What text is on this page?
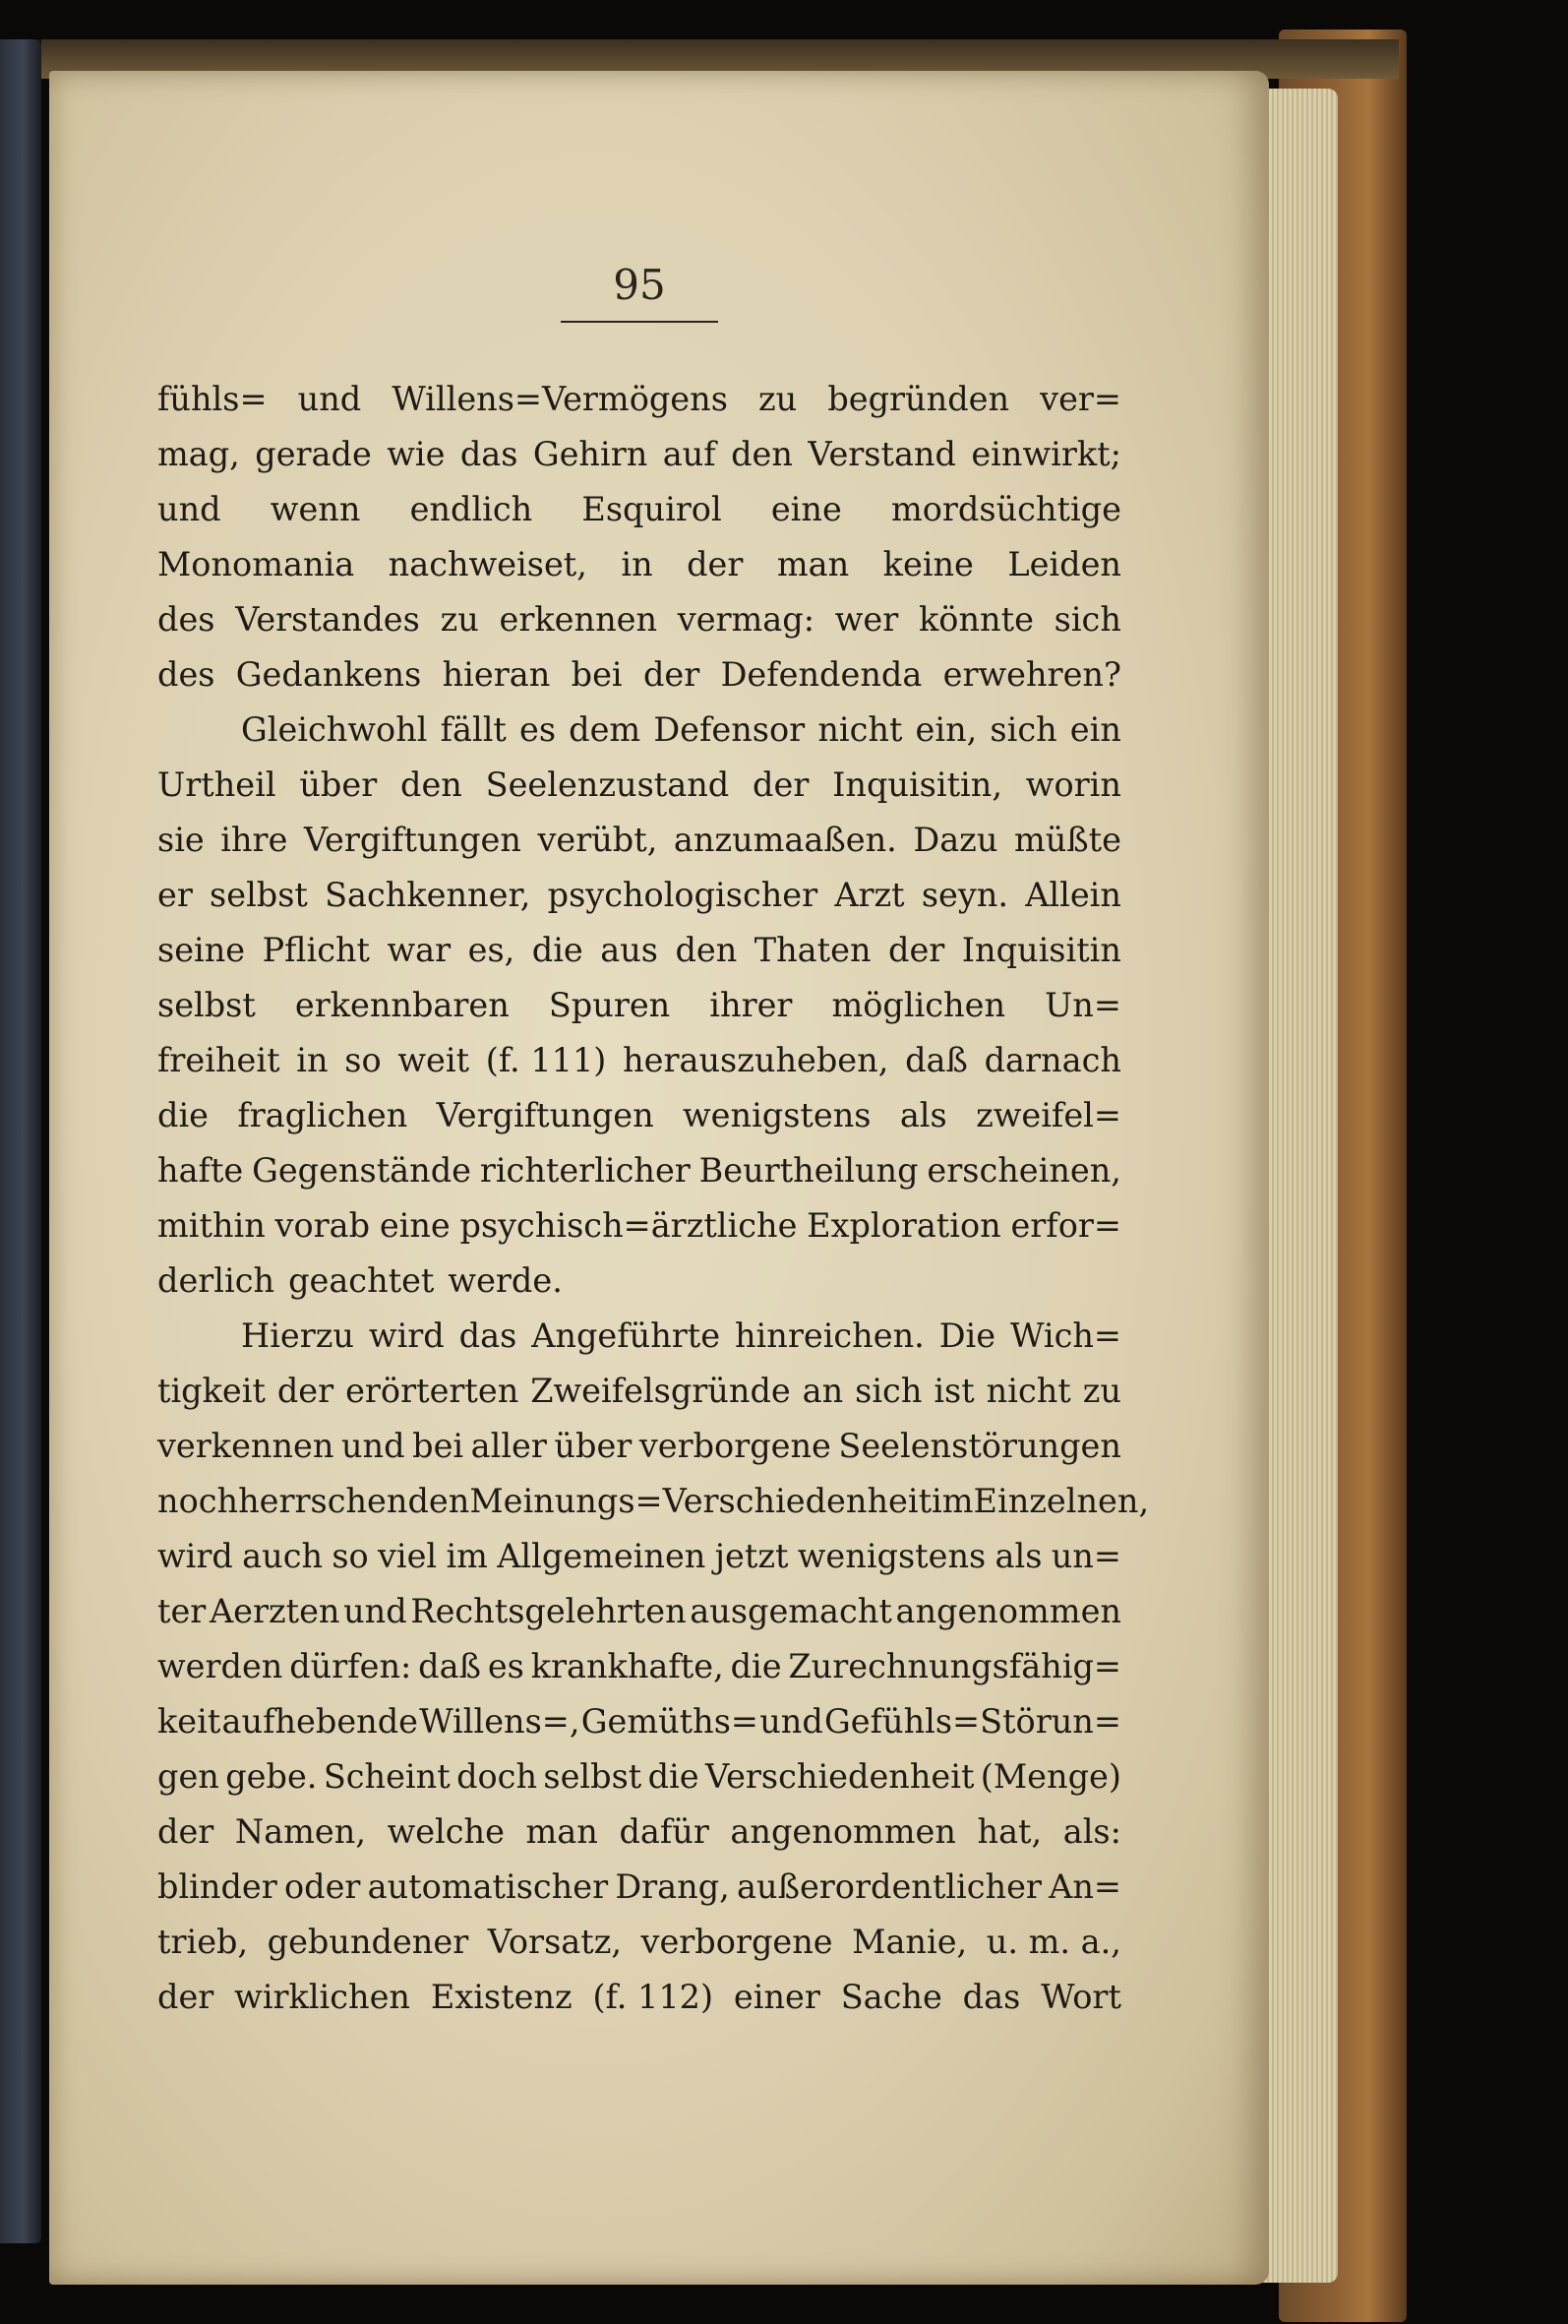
95
fühls= und Willens=Vermögens zu begründen ver=
mag, gerade wie das Gehirn auf den Verstand einwirkt;
und wenn endlich Esquirol eine mordsüchtige
Monomania nachweiset, in der man keine Leiden
des Verstandes zu erkennen vermag: wer könnte sich
des Gedankens hieran bei der Defendenda erwehren?
Gleichwohl fällt es dem Defensor nicht ein, sich ein
Urtheil über den Seelenzustand der Inquisitin, worin
sie ihre Vergiftungen verübt, anzumaaßen. Dazu müßte
er selbst Sachkenner, psychologischer Arzt seyn. Allein
seine Pflicht war es, die aus den Thaten der Inquisitin
selbst erkennbaren Spuren ihrer möglichen Un=
freiheit in so weit (f. 111) herauszuheben, daß darnach
die fraglichen Vergiftungen wenigstens als zweifel=
hafte Gegenstände richterlicher Beurtheilung erscheinen,
mithin vorab eine psychisch=ärztliche Exploration erfor=
derlich geachtet werde.
Hierzu wird das Angeführte hinreichen. Die Wich=
tigkeit der erörterten Zweifelsgründe an sich ist nicht zu
verkennen und bei aller über verborgene Seelenstörungen
noch herrschenden Meinungs=Verschiedenheit im Einzelnen,
wird auch so viel im Allgemeinen jetzt wenigstens als un=
ter Aerzten und Rechtsgelehrten ausgemacht angenommen
werden dürfen: daß es krankhafte, die Zurechnungsfähig=
keit aufhebende Willens=, Gemüths= und Gefühls=Störun=
gen gebe. Scheint doch selbst die Verschiedenheit (Menge)
der Namen, welche man dafür angenommen hat, als:
blinder oder automatischer Drang, außerordentlicher An=
trieb, gebundener Vorsatz, verborgene Manie, u. m. a.,
der wirklichen Existenz (f. 112) einer Sache das Wort
